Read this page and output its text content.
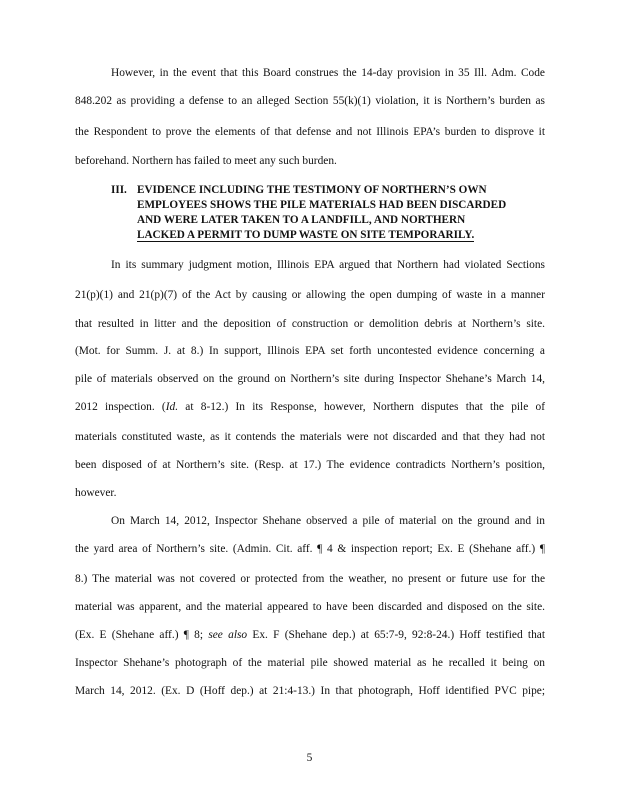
However, in the event that this Board construes the 14-day provision in 35 Ill. Adm. Code
848.202 as providing a defense to an alleged Section 55(k)(1) violation, it is Northern’s burden as
the Respondent to prove the elements of that defense and not Illinois EPA’s burden to disprove it
beforehand. Northern has failed to meet any such burden.
III. EVIDENCE INCLUDING THE TESTIMONY OF NORTHERN’S OWN
EMPLOYEES SHOWS THE PILE MATERIALS HAD BEEN DISCARDED
AND WERE LATER TAKEN TO A LANDFILL, AND NORTHERN
LACKED A PERMIT TO DUMP WASTE ON SITE TEMPORARILY.
In its summary judgment motion, Illinois EPA argued that Northern had violated Sections
21(p)(1) and 21(p)(7) of the Act by causing or allowing the open dumping of waste in a manner
that resulted in litter and the deposition of construction or demolition debris at Northern’s site.
(Mot. for Summ. J. at 8.) In support, Illinois EPA set forth uncontested evidence concerning a
pile of materials observed on the ground on Northern’s site during Inspector Shehane’s March 14,
2012 inspection. (Id. at 8-12.) In its Response, however, Northern disputes that the pile of
materials constituted waste, as it contends the materials were not discarded and that they had not
been disposed of at Northern’s site. (Resp. at 17.) The evidence contradicts Northern’s position,
however.
On March 14, 2012, Inspector Shehane observed a pile of material on the ground and in
the yard area of Northern’s site. (Admin. Cit. aff. ¶ 4 & inspection report; Ex. E (Shehane aff.) ¶
8.) The material was not covered or protected from the weather, no present or future use for the
material was apparent, and the material appeared to have been discarded and disposed on the site.
(Ex. E (Shehane aff.) ¶ 8; see also Ex. F (Shehane dep.) at 65:7-9, 92:8-24.) Hoff testified that
Inspector Shehane’s photograph of the material pile showed material as he recalled it being on
March 14, 2012. (Ex. D (Hoff dep.) at 21:4-13.) In that photograph, Hoff identified PVC pipe;
5
